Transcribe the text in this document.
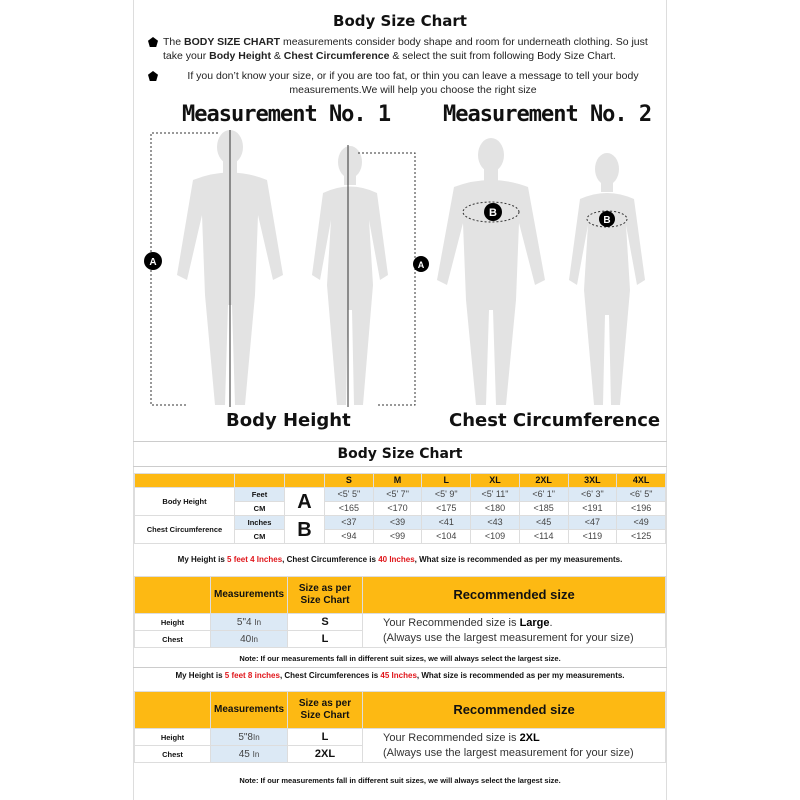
Body Size Chart
The BODY SIZE CHART measurements consider body shape and room for underneath clothing. So just take your Body Height & Chest Circumference & select the suit from following Body Size Chart.
If you don’t know your size, or if you are too fat, or thin you can leave a message to tell your body measurements.We will help you choose the right size
Measurement No. 1 Measurement No. 2
A	A
B
B
Body Height	Chest Circumference
Body Size Chart
			S	M	L	XL	2XL	3XL	4XL
Body Height	Feet	A	<5' 5"	<5' 7"	<5' 9"	<5' 11"	<6' 1"	<6' 3"	<6' 5"
	CM		<165	<170	<175	<180	<185	<191	<196
Chest Circumference	Inches	B	<37	<39	<41	<43	<45	<47	<49
	CM		<94	<99	<104	<109	<114	<119	<125
My Height is 5 feet 4 Inches, Chest Circumference is 40 Inches, What size is recommended as per my measurements.
	Measurements	Size as per Size Chart	Recommended size
Height	5"4 In	S	Your Recommended size is Large.
(Always use the largest measurement for your size)
Chest	40In	L	
Note: If our measurements fall in different suit sizes, we will always select the largest size.
My Height is 5 feet 8 inches, Chest Circumferences is 45 Inches, What size is recommended as per my measurements.
	Measurements	Size as per Size Chart	Recommended size
Height	5"8In	L	Your Recommended size is 2XL
(Always use the largest measurement for your size)
Chest	45 In	2XL	
Note: If our measurements fall in different suit sizes, we will always select the largest size.
